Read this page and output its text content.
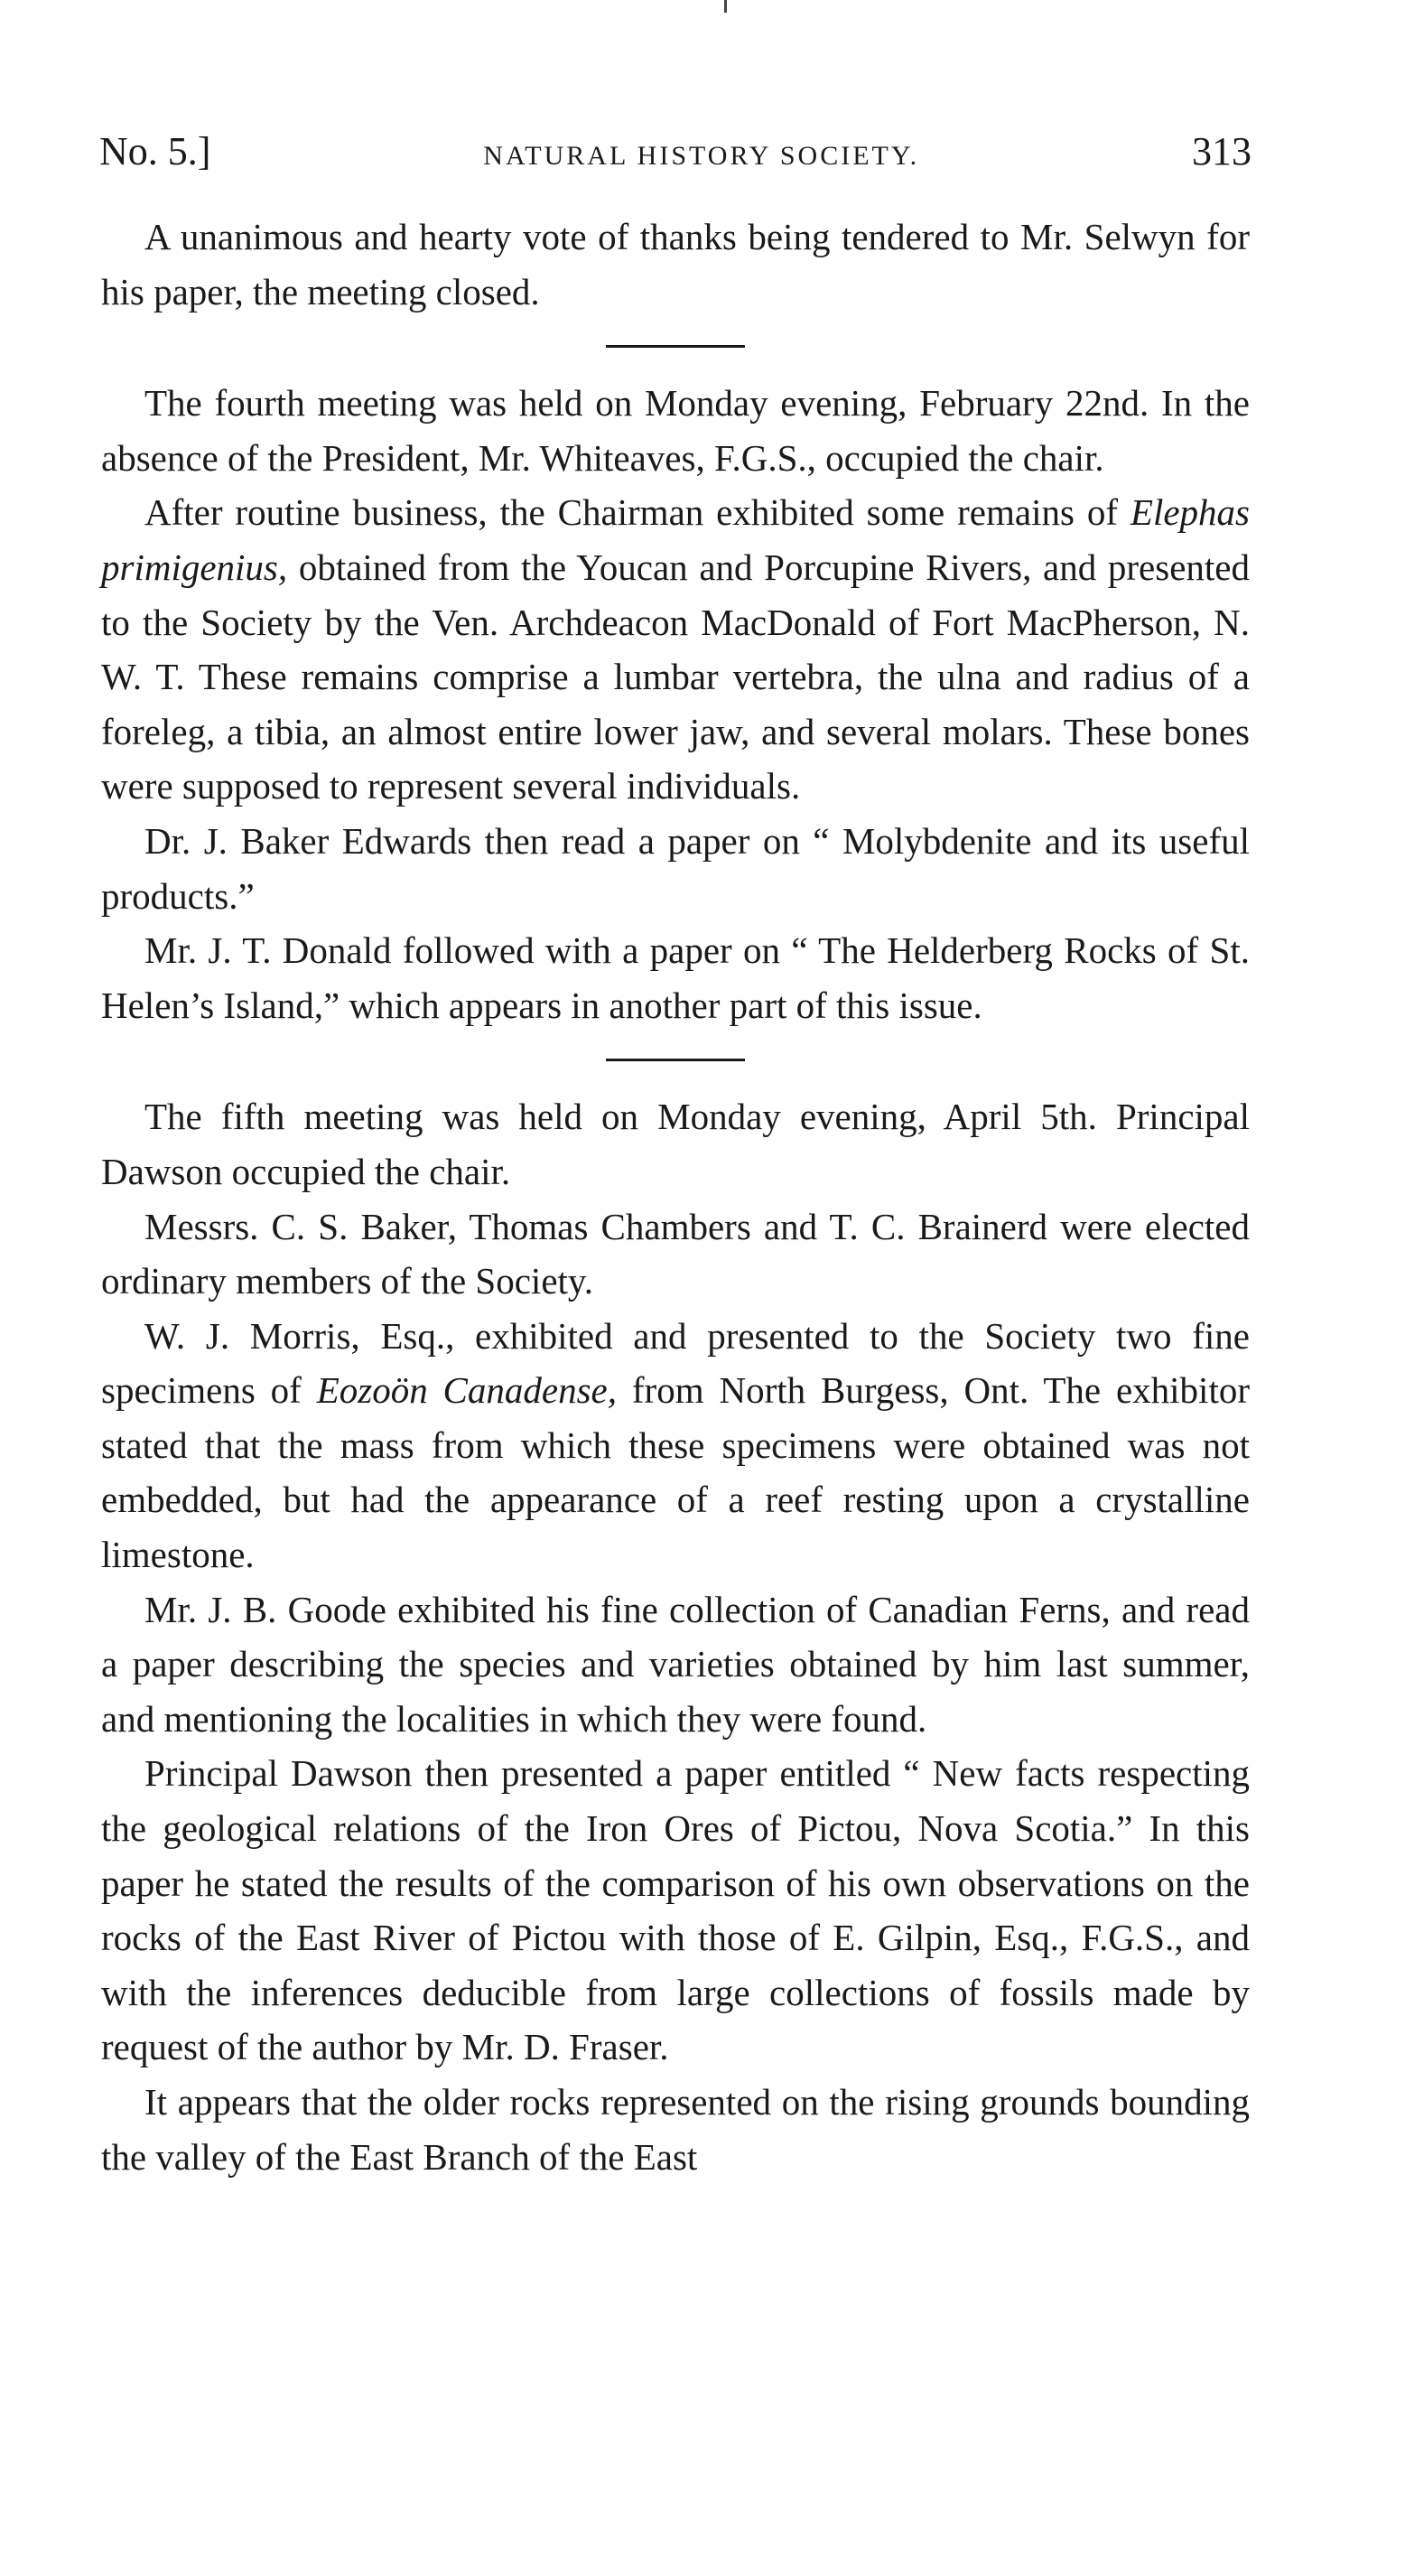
No. 5.]	NATURAL HISTORY SOCIETY.	313

A unanimous and hearty vote of thanks being tendered to Mr. Selwyn for his paper, the meeting closed.

The fourth meeting was held on Monday evening, February 22nd. In the absence of the President, Mr. Whiteaves, F.G.S., occupied the chair.

After routine business, the Chairman exhibited some remains of Elephas primigenius, obtained from the Youcan and Porcupine Rivers, and presented to the Society by the Ven. Archdeacon MacDonald of Fort MacPherson, N. W. T. These remains comprise a lumbar vertebra, the ulna and radius of a foreleg, a tibia, an almost entire lower jaw, and several molars. These bones were supposed to represent several individuals.

Dr. J. Baker Edwards then read a paper on “ Molybdenite and its useful products.”

Mr. J. T. Donald followed with a paper on “ The Helderberg Rocks of St. Helen’s Island,” which appears in another part of this issue.

The fifth meeting was held on Monday evening, April 5th. Principal Dawson occupied the chair.

Messrs. C. S. Baker, Thomas Chambers and T. C. Brainerd were elected ordinary members of the Society.

W. J. Morris, Esq., exhibited and presented to the Society two fine specimens of Eozoön Canadense, from North Burgess, Ont. The exhibitor stated that the mass from which these specimens were obtained was not embedded, but had the appearance of a reef resting upon a crystalline limestone.

Mr. J. B. Goode exhibited his fine collection of Canadian Ferns, and read a paper describing the species and varieties obtained by him last summer, and mentioning the localities in which they were found.

Principal Dawson then presented a paper entitled “ New facts respecting the geological relations of the Iron Ores of Pictou, Nova Scotia.” In this paper he stated the results of the comparison of his own observations on the rocks of the East River of Pictou with those of E. Gilpin, Esq., F.G.S., and with the inferences deducible from large collections of fossils made by request of the author by Mr. D. Fraser.

It appears that the older rocks represented on the rising grounds bounding the valley of the East Branch of the East
